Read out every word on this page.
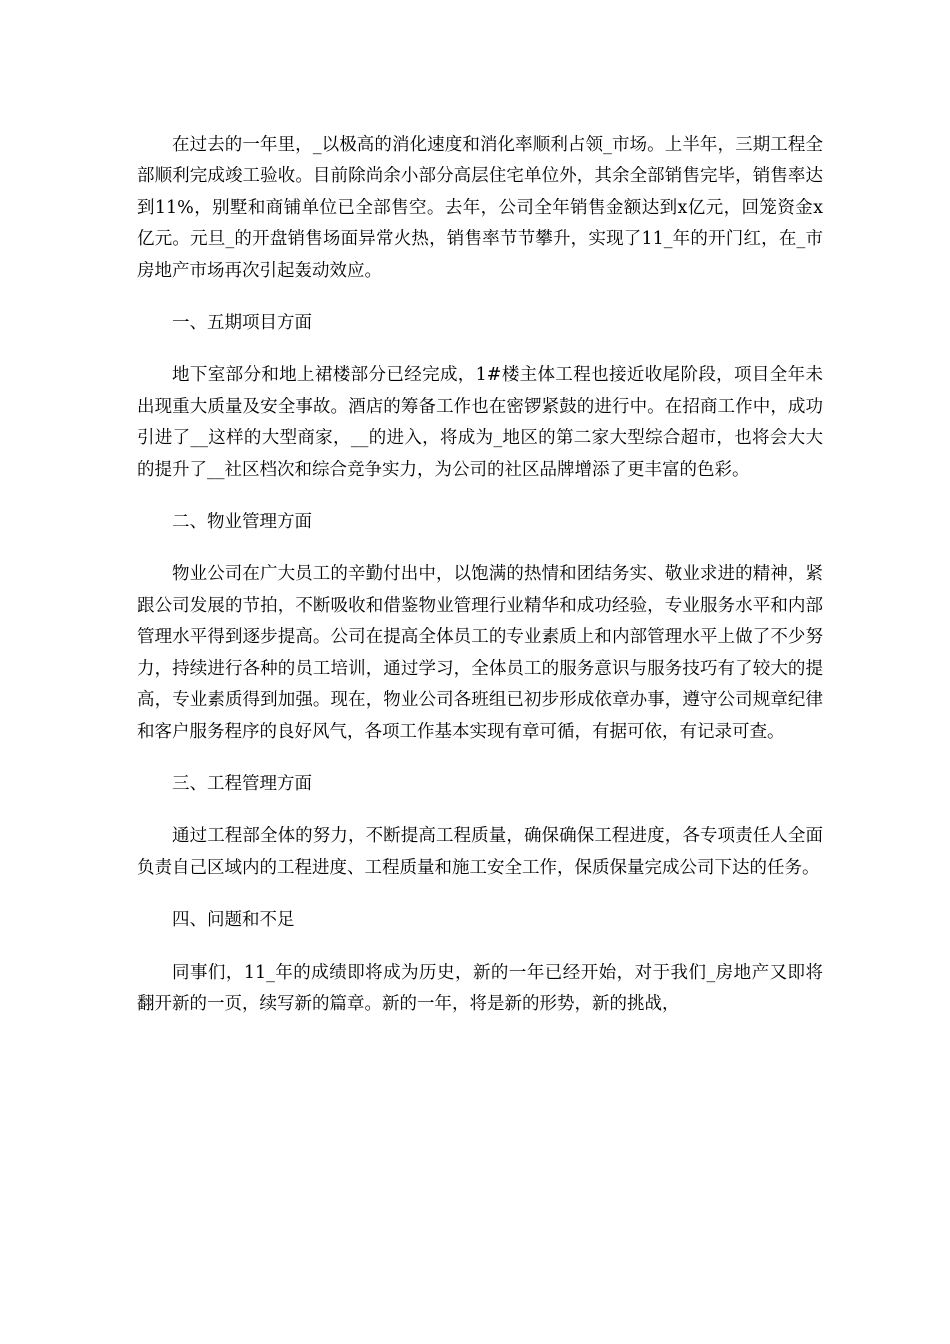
在过去的一年里，_以极高的消化速度和消化率顺利占领_市场。上半年，三期工程全部顺利完成竣工验收。目前除尚余小部分高层住宅单位外，其余全部销售完毕，销售率达到11%，别墅和商铺单位已全部售空。去年，公司全年销售金额达到x亿元，回笼资金x亿元。元旦_的开盘销售场面异常火热，销售率节节攀升，实现了11_年的开门红，在_市房地产市场再次引起轰动效应。

一、五期项目方面

地下室部分和地上裙楼部分已经完成，1#楼主体工程也接近收尾阶段，项目全年未出现重大质量及安全事故。酒店的筹备工作也在密锣紧鼓的进行中。在招商工作中，成功引进了__这样的大型商家，__的进入，将成为_地区的第二家大型综合超市，也将会大大的提升了__社区档次和综合竞争实力，为公司的社区品牌增添了更丰富的色彩。

二、物业管理方面

物业公司在广大员工的辛勤付出中，以饱满的热情和团结务实、敬业求进的精神，紧跟公司发展的节拍，不断吸收和借鉴物业管理行业精华和成功经验，专业服务水平和内部管理水平得到逐步提高。公司在提高全体员工的专业素质上和内部管理水平上做了不少努力，持续进行各种的员工培训，通过学习，全体员工的服务意识与服务技巧有了较大的提高，专业素质得到加强。现在，物业公司各班组已初步形成依章办事，遵守公司规章纪律和客户服务程序的良好风气，各项工作基本实现有章可循，有据可依，有记录可查。

三、工程管理方面

通过工程部全体的努力，不断提高工程质量，确保确保工程进度，各专项责任人全面负责自己区域内的工程进度、工程质量和施工安全工作，保质保量完成公司下达的任务。

四、问题和不足

同事们，11_年的成绩即将成为历史，新的一年已经开始，对于我们_房地产又即将翻开新的一页，续写新的篇章。新的一年，将是新的形势，新的挑战，
